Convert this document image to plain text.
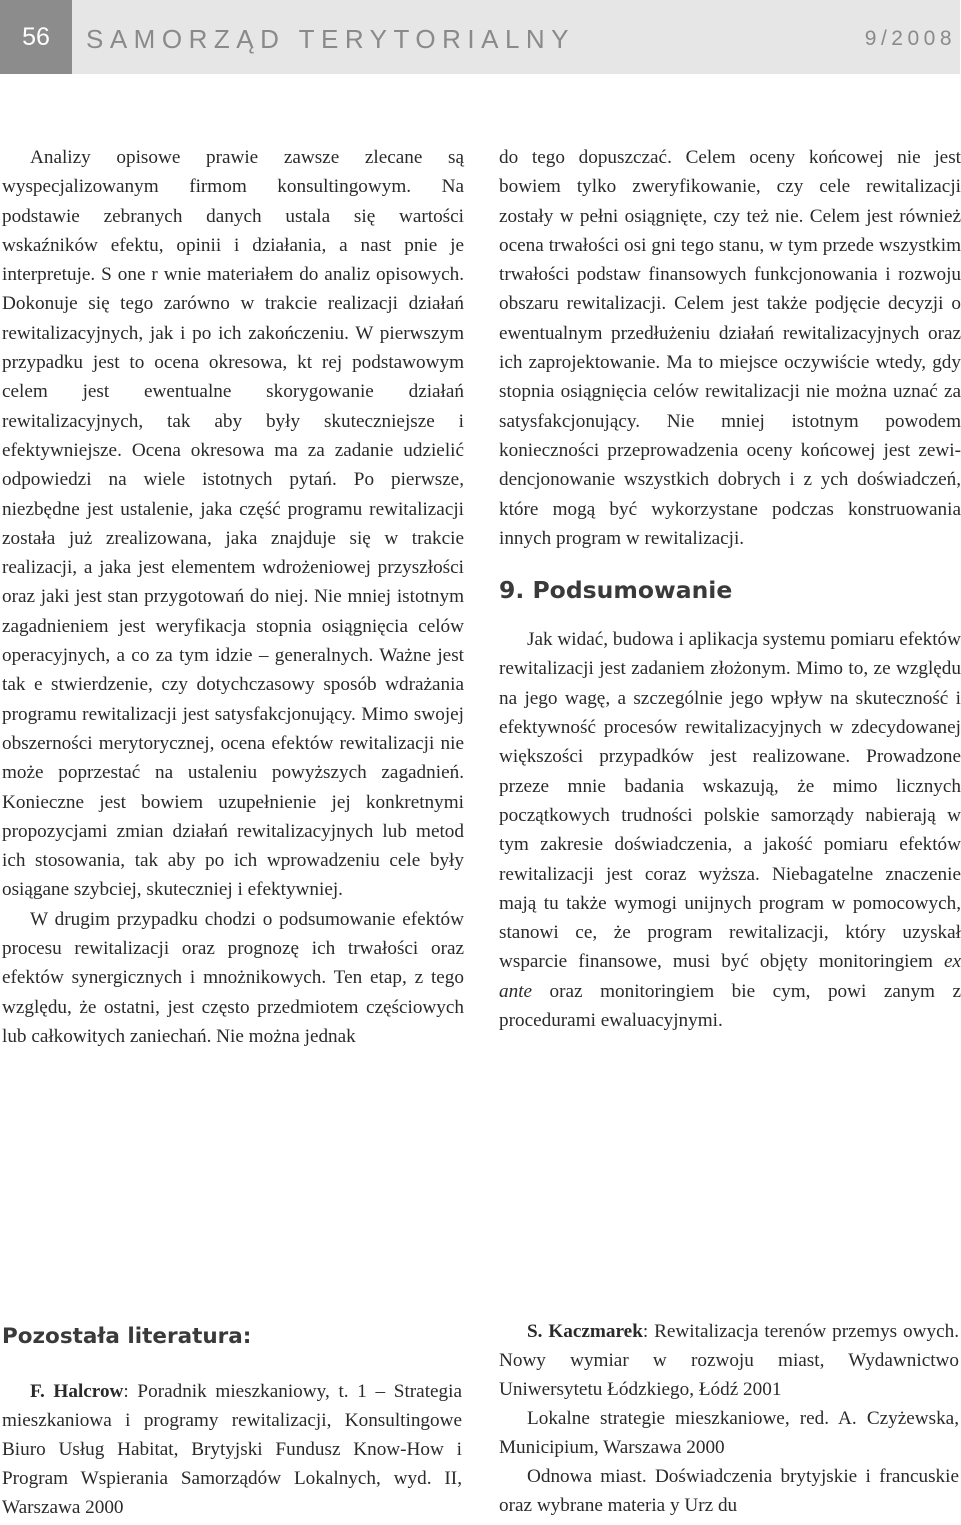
56	SAMORZĄD TERYTORIALNY	9/2008

Analizy opisowe prawie zawsze zlecane są wyspecjalizowanym firmom konsultingowym. Na podstawie zebranych danych ustala się wartości wskaźników efektu, opinii i działania, a nast pnie je interpretuje. S one r wnie materiałem do analiz opisowych. Dokonuje się tego zarówno w trakcie realizacji działań rewitalizacyjnych, jak i po ich zakończeniu. W pierwszym przypadku jest to ocena okresowa, kt rej podstawowym celem jest ewentualne skorygowanie działań rewitalizacyjnych, tak aby były skuteczniejsze i efektywniejsze. Ocena okresowa ma za zadanie udzielić odpowiedzi na wiele istotnych pytań. Po pierwsze, niezbędne jest ustalenie, jaka część programu rewitalizacji została już zrealizowana, jaka znajduje się w trakcie realizacji, a jaka jest elementem wdrożeniowej przyszłości oraz jaki jest stan przygotowań do niej. Nie mniej istotnym zagadnieniem jest weryfikacja stopnia osiągnięcia celów operacyjnych, a co za tym idzie – generalnych. Ważne jest tak e stwierdzenie, czy dotychczasowy sposób wdrażania programu rewitalizacji jest satysfakcjonujący. Mimo swojej obszerności merytorycznej, ocena efektów rewitalizacji nie może poprzestać na ustaleniu powyższych zagadnień. Konieczne jest bowiem uzupełnienie jej konkretnymi propozycjami zmian działań rewitalizacyjnych lub metod ich stosowania, tak aby po ich wprowadzeniu cele były osiągane szybciej, skuteczniej i efektywniej.

W drugim przypadku chodzi o podsumowanie efektów procesu rewitalizacji oraz prognozę ich trwałości oraz efektów synergicznych i mnożnikowych. Ten etap, z tego względu, że ostatni, jest często przedmiotem częściowych lub całkowitych zaniechań. Nie można jednak

do tego dopuszczać. Celem oceny końcowej nie jest bowiem tylko zweryfikowanie, czy cele rewitalizacji zostały w pełni osiągnięte, czy też nie. Celem jest również ocena trwałości osi gni tego stanu, w tym przede wszystkim trwałości podstaw finansowych funkcjonowania i rozwoju obszaru rewitalizacji. Celem jest także podjęcie decyzji o ewentualnym przedłużeniu działań rewitalizacyjnych oraz ich zaprojektowanie. Ma to miejsce oczywiście wtedy, gdy stopnia osiągnięcia celów rewitalizacji nie można uznać za satysfakcjonujący. Nie mniej istotnym powodem konieczności przeprowadzenia oceny końcowej jest zewidencjonowanie wszystkich dobrych i z ych doświadczeń, które mogą być wykorzystane podczas konstruowania innych program w rewitalizacji.

9. Podsumowanie

Jak widać, budowa i aplikacja systemu pomiaru efektów rewitalizacji jest zadaniem złożonym. Mimo to, ze względu na jego wagę, a szczególnie jego wpływ na skuteczność i efektywność procesów rewitalizacyjnych w zdecydowanej większości przypadków jest realizowane. Prowadzone przeze mnie badania wskazują, że mimo licznych początkowych trudności polskie samorządy nabierają w tym zakresie doświadczenia, a jakość pomiaru efektów rewitalizacji jest coraz wyższa. Niebagatelne znaczenie mają tu także wymogi unijnych program w pomocowych, stanowi ce, że program rewitalizacji, który uzyskał wsparcie finansowe, musi być objęty monitoringiem ex ante oraz monitoringiem bie cym, powi zanym z procedurami ewaluacyjnymi.

Pozostała literatura:

F. Halcrow: Poradnik mieszkaniowy, t. 1 – Strategia mieszkaniowa i programy rewitalizacji, Konsultingowe Biuro Usług Habitat, Brytyjski Fundusz Know-How i Program Wspierania Samorządów Lokalnych, wyd. II, Warszawa 2000

S. Kaczmarek: Rewitalizacja terenów przemys owych. Nowy wymiar w rozwoju miast, Wydawnictwo Uniwersytetu Łódzkiego, Łódź 2001

Lokalne strategie mieszkaniowe, red. A. Czyżewska, Municipium, Warszawa 2000

Odnowa miast. Doświadczenia brytyjskie i francuskie oraz wybrane materia y Urz du
